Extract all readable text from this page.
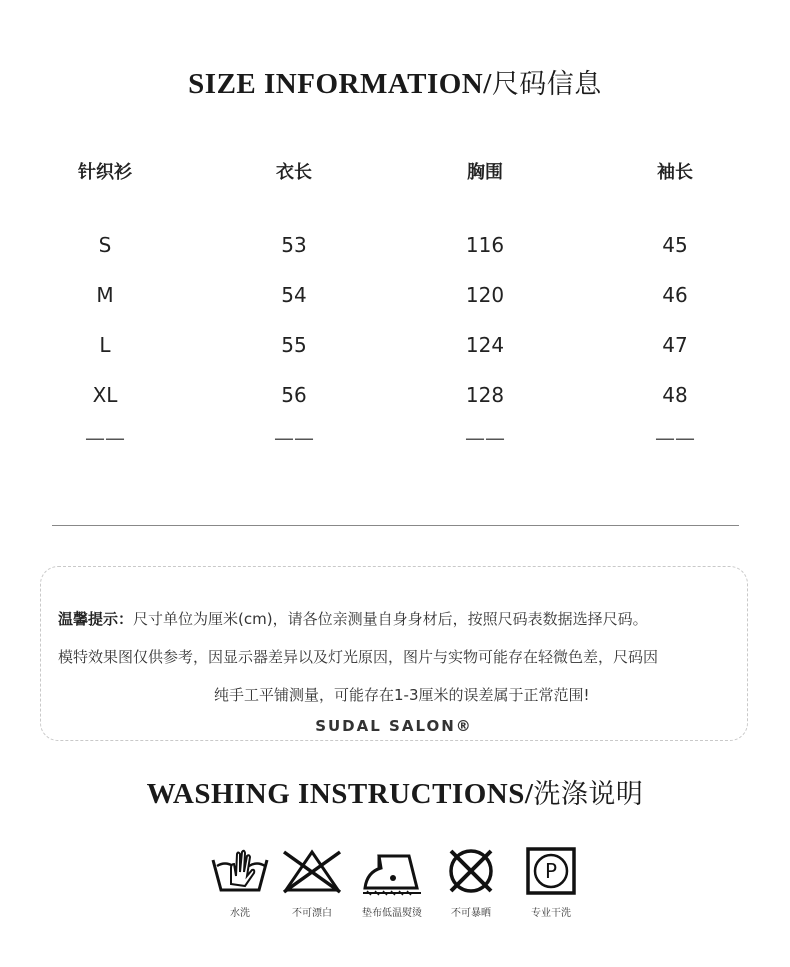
SIZE INFORMATION/尺码信息
针织衫	衣长	胸围	袖长
S	53	116	45
M	54	120	46
L	55	124	47
XL	56	128	48
——	——	——	——
温馨提示：尺寸单位为厘米(cm)，请各位亲测量自身身材后，按照尺码表数据选择尺码。
模特效果图仅供参考，因显示器差异以及灯光原因，图片与实物可能存在轻微色差，尺码因
纯手工平铺测量，可能存在1-3厘米的误差属于正常范围!
SUDAL SALON®
WASHING INSTRUCTIONS/洗涤说明
水洗	不可漂白	垫布低温熨烫	不可暴晒
P
专业干洗
